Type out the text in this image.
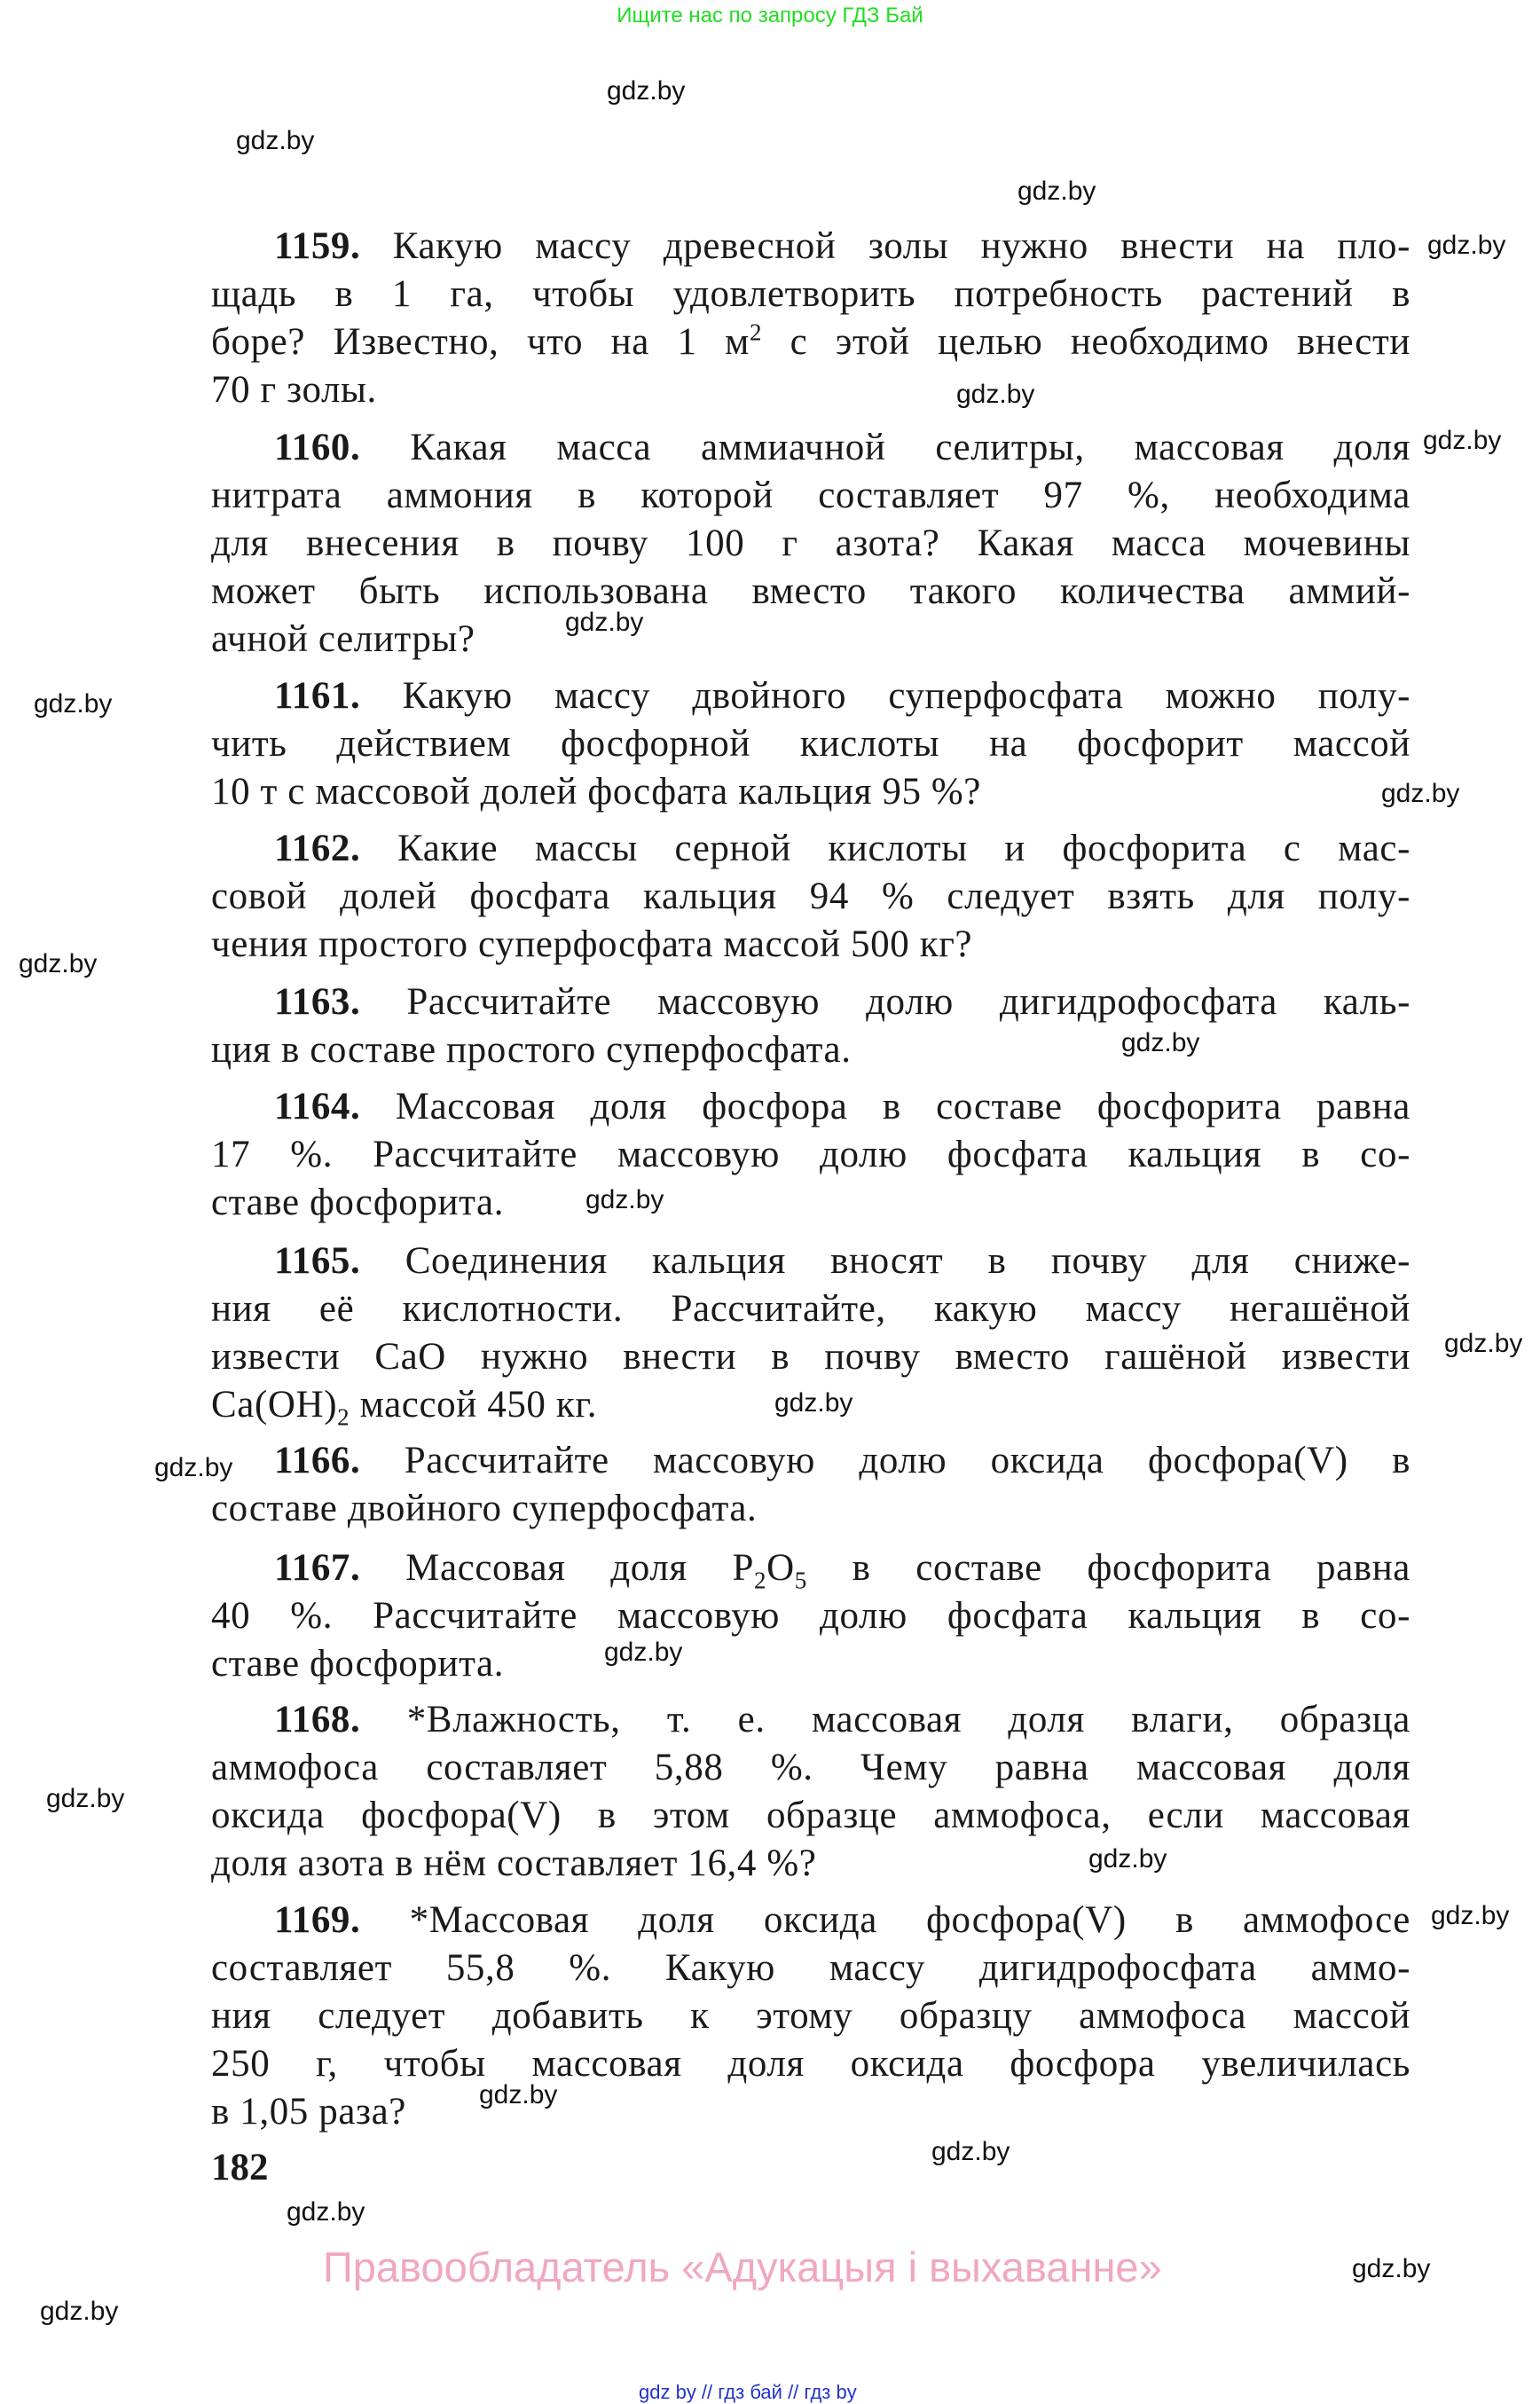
Ищите нас по запросу ГДЗ Бай
1159. Какую массу древесной золы нужно внести на пло-
щадь в 1 га, чтобы удовлетворить потребность растений в
боре? Известно, что на 1 $м^2$ с этой целью необходимо внести
70 г золы.
1160. Какая масса аммиачной селитры, массовая доля
нитрата аммония в которой составляет 97 %, необходима
для внесения в почву 100 г азота? Какая масса мочевины
может быть использована вместо такого количества аммий-
ачной селитры?
1161. Какую массу двойного суперфосфата можно полу-
чить действием фосфорной кислоты на фосфорит массой
10 т с массовой долей фосфата кальция 95 %?
1162. Какие массы серной кислоты и фосфорита с мас-
совой долей фосфата кальция 94 % следует взять для полу-
чения простого суперфосфата массой 500 кг?
1163. Рассчитайте массовую долю дигидрофосфата каль-
ция в составе простого суперфосфата.
1164. Массовая доля фосфора в составе фосфорита равна
17 %. Рассчитайте массовую долю фосфата кальция в со-
ставе фосфорита.
1165. Соединения кальция вносят в почву для сниже-
ния её кислотности. Рассчитайте, какую массу негашёной
извести CaO нужно внести в почву вместо гашёной извести
$Ca(OH)_2$ массой 450 кг.
1166. Рассчитайте массовую долю оксида фосфора(V) в
составе двойного суперфосфата.
1167. Массовая доля $P_2O_5$ в составе фосфорита равна
40 %. Рассчитайте массовую долю фосфата кальция в со-
ставе фосфорита.
1168. *Влажность, т. е. массовая доля влаги, образца
аммофоса составляет 5,88 %. Чему равна массовая доля
оксида фосфора(V) в этом образце аммофоса, если массовая
доля азота в нём составляет 16,4 %?
1169. *Массовая доля оксида фосфора(V) в аммофосе
составляет 55,8 %. Какую массу дигидрофосфата аммо-
ния следует добавить к этому образцу аммофоса массой
250 г, чтобы массовая доля оксида фосфора увеличилась
в 1,05 раза?
182
Правообладатель «Адукацыя і выхаванне»
gdz by // гдз бай // гдз by
gdz.by
gdz.by
gdz.by
gdz.by
gdz.by
gdz.by
gdz.by
gdz.by
gdz.by
gdz.by
gdz.by
gdz.by
gdz.by
gdz.by
gdz.by
gdz.by
gdz.by
gdz.by
gdz.by
gdz.by
gdz.by
gdz.by
gdz.by
gdz.by
